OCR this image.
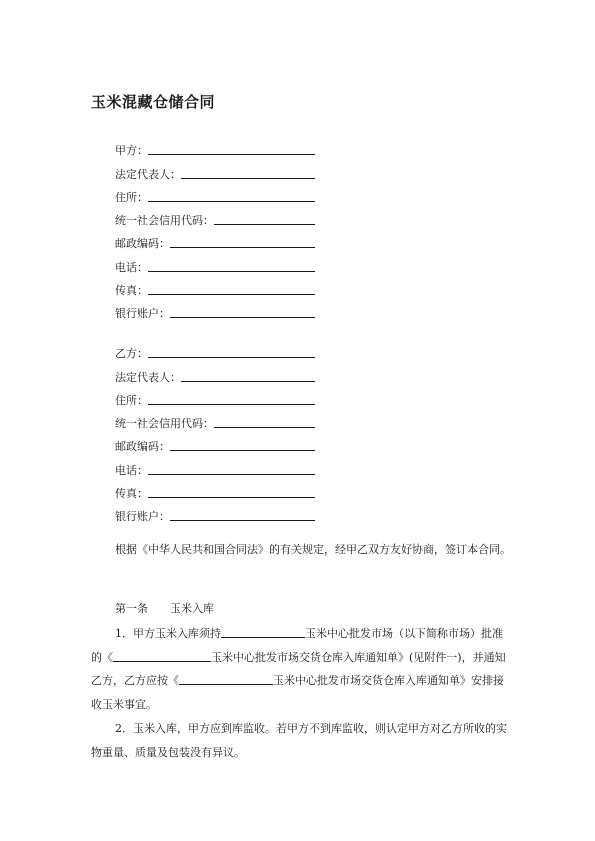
玉米混藏仓储合同
甲方：
法定代表人：
住所：
统一社会信用代码：
邮政编码：
电话：
传真：
银行账户：
乙方：
法定代表人：
住所：
统一社会信用代码：
邮政编码：
电话：
传真：
银行账户：

根据《中华人民共和国合同法》的有关规定，经甲乙双方友好协商，签订本合同。

第一条 玉米入库

1．甲方玉米入库须持	玉米中心批发市场（以下简称市场）批准的《	玉米中心批发市场交货仓库入库通知单》(见附件一)，并通知乙方，乙方应按《	玉米中心批发市场交货仓库入库通知单》安排接收玉米事宜。

2．玉米入库，甲方应到库监收。若甲方不到库监收，则认定甲方对乙方所收的实物重量、质量及包装没有异议。
